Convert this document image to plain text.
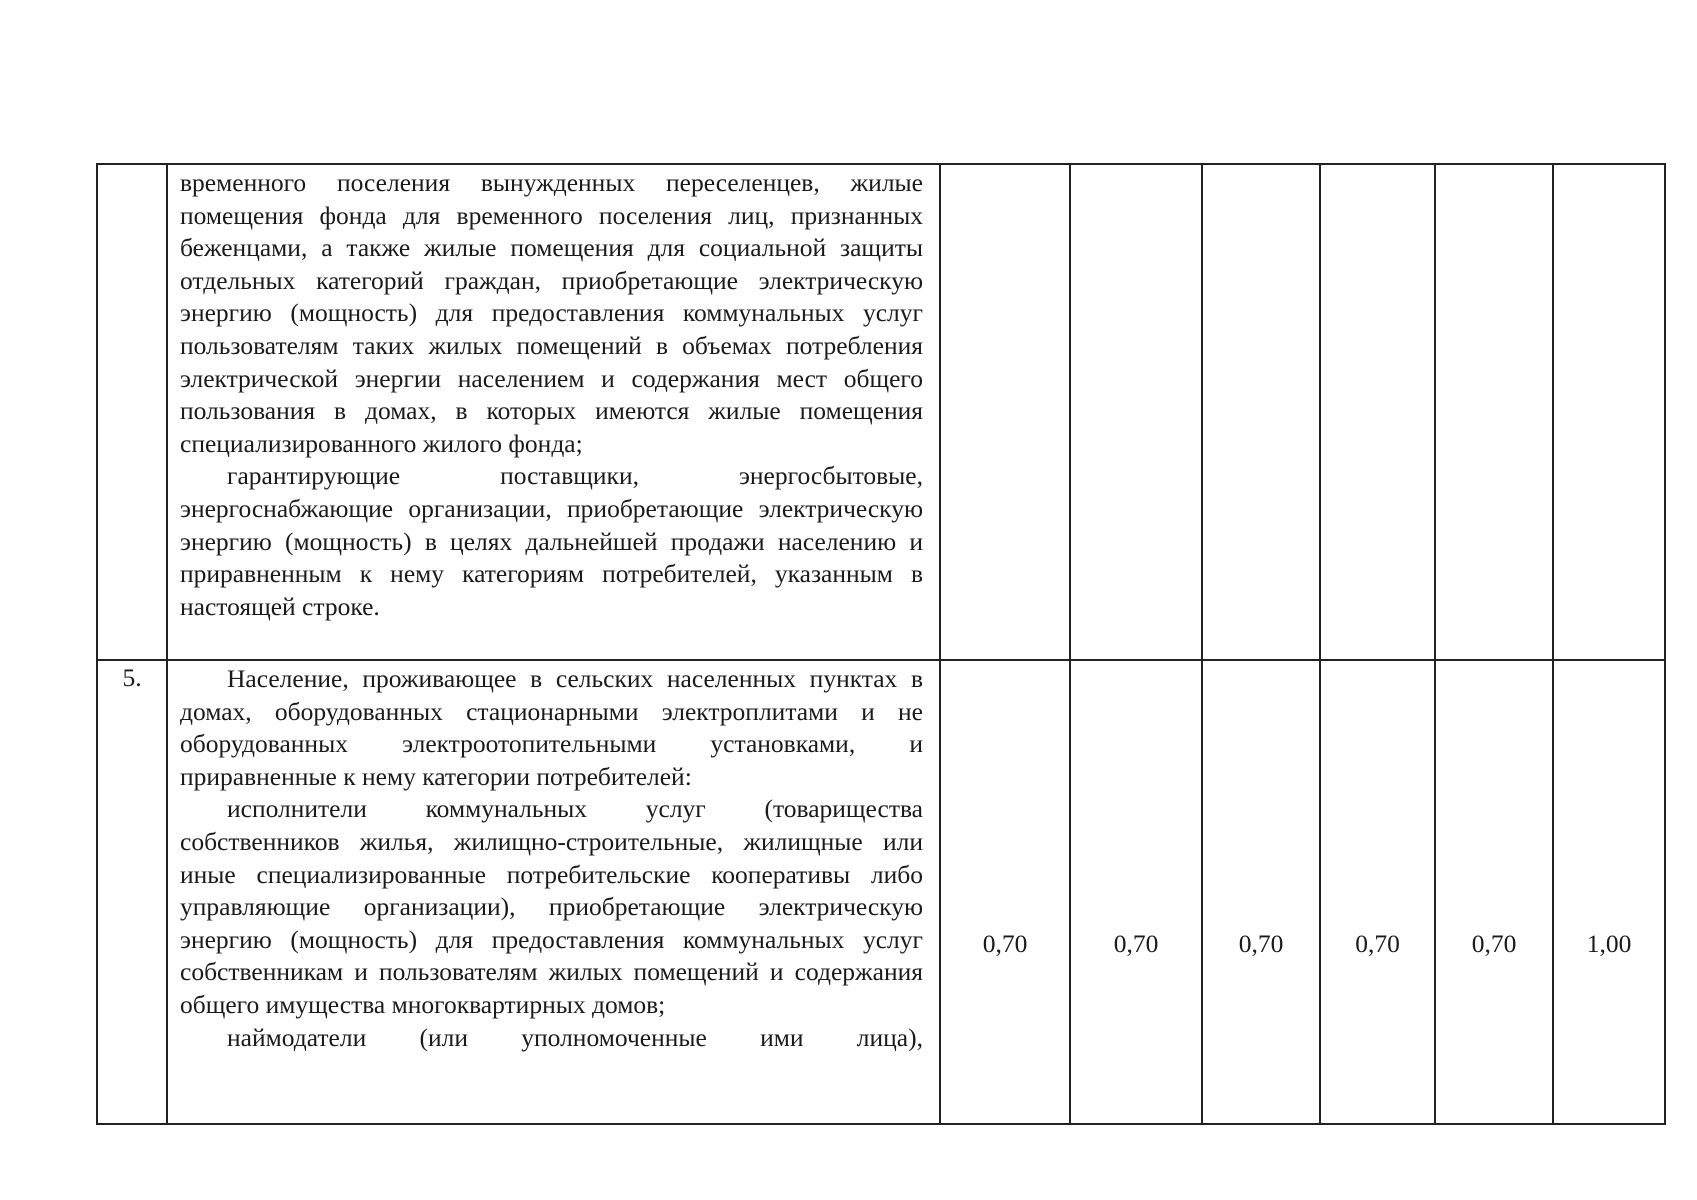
	временного поселения вынужденных переселенцев, жилые помещения фонда для временного поселения лиц, признанных беженцами, а также жилые помещения для социальной защиты отдельных категорий граждан, приобретающие электрическую энергию (мощность) для предоставления коммунальных услуг пользователям таких жилых помещений в объемах потребления электрической энергии населением и содержания мест общего пользования в домах, в которых имеются жилые помещения специализированного жилого фонда;

гарантирующие поставщики, энергосбытовые, энергоснабжающие организации, приобретающие электрическую энергию (мощность) в целях дальнейшей продажи населению и приравненным к нему категориям потребителей, указанным в настоящей строке.						

5.	Население, проживающее в сельских населенных пунктах в домах, оборудованных стационарными электроплитами и не оборудованных электроотопительными установками, и приравненные к нему категории потребителей:

исполнители коммунальных услуг (товарищества собственников жилья, жилищно-строительные, жилищные или иные специализированные потребительские кооперативы либо управляющие организации), приобретающие электрическую энергию (мощность) для предоставления коммунальных услуг собственникам и пользователям жилых помещений и содержания общего имущества многоквартирных домов;

наймодатели (или уполномоченные ими лица),	0,70	0,70	0,70	0,70	0,70	1,00
